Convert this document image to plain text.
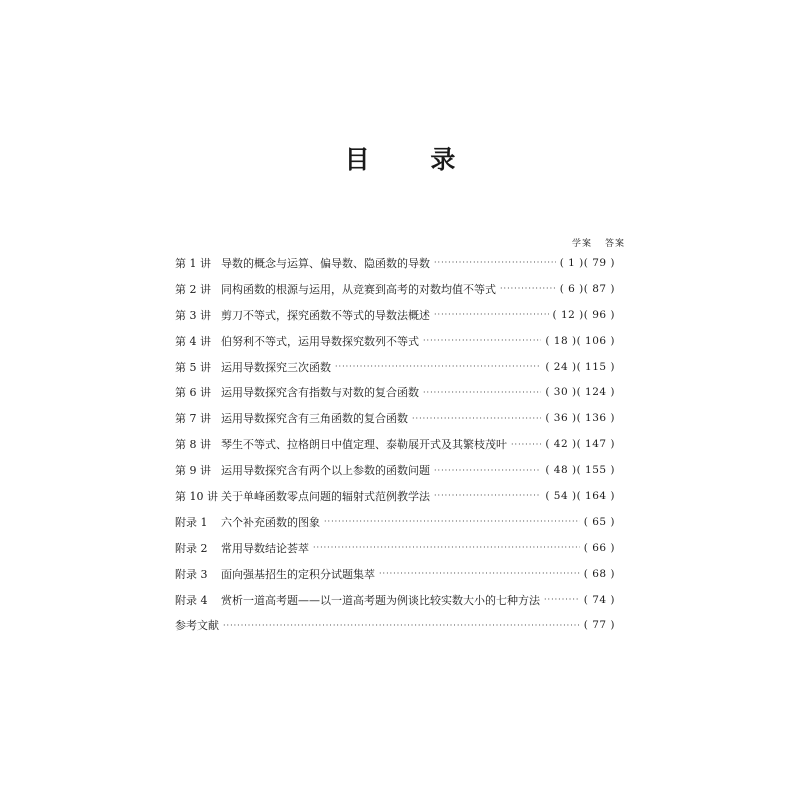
目 录
学案 答案
第 1 讲 导数的概念与运算、偏导数、隐函数的导数 ·····	( 1 )( 79 )
第 2 讲 同构函数的根源与运用，从竞赛到高考的对数均值不等式 ·····	( 6 )( 87 )
第 3 讲 剪刀不等式，探究函数不等式的导数法概述 ·····	( 12 )( 96 )
第 4 讲 伯努利不等式，运用导数探究数列不等式 ·····	( 18 )( 106 )
第 5 讲 运用导数探究三次函数 ·····	( 24 )( 115 )
第 6 讲 运用导数探究含有指数与对数的复合函数 ·····	( 30 )( 124 )
第 7 讲 运用导数探究含有三角函数的复合函数 ·····	( 36 )( 136 )
第 8 讲 琴生不等式、拉格朗日中值定理、泰勒展开式及其繁枝茂叶 ·····	( 42 )( 147 )
第 9 讲 运用导数探究含有两个以上参数的函数问题 ·····	( 48 )( 155 )
第 10 讲 关于单峰函数零点问题的辐射式范例教学法 ·····	( 54 )( 164 )
附录 1	六个补充函数的图象 ·····	( 65 )
附录 2	常用导数结论荟萃 ·····	( 66 )
附录 3	面向强基招生的定积分试题集萃 ·····	( 68 )
附录 4	赏析一道高考题——以一道高考题为例谈比较实数大小的七种方法 ·····	( 74 )
参考文献 ·····	( 77 )
